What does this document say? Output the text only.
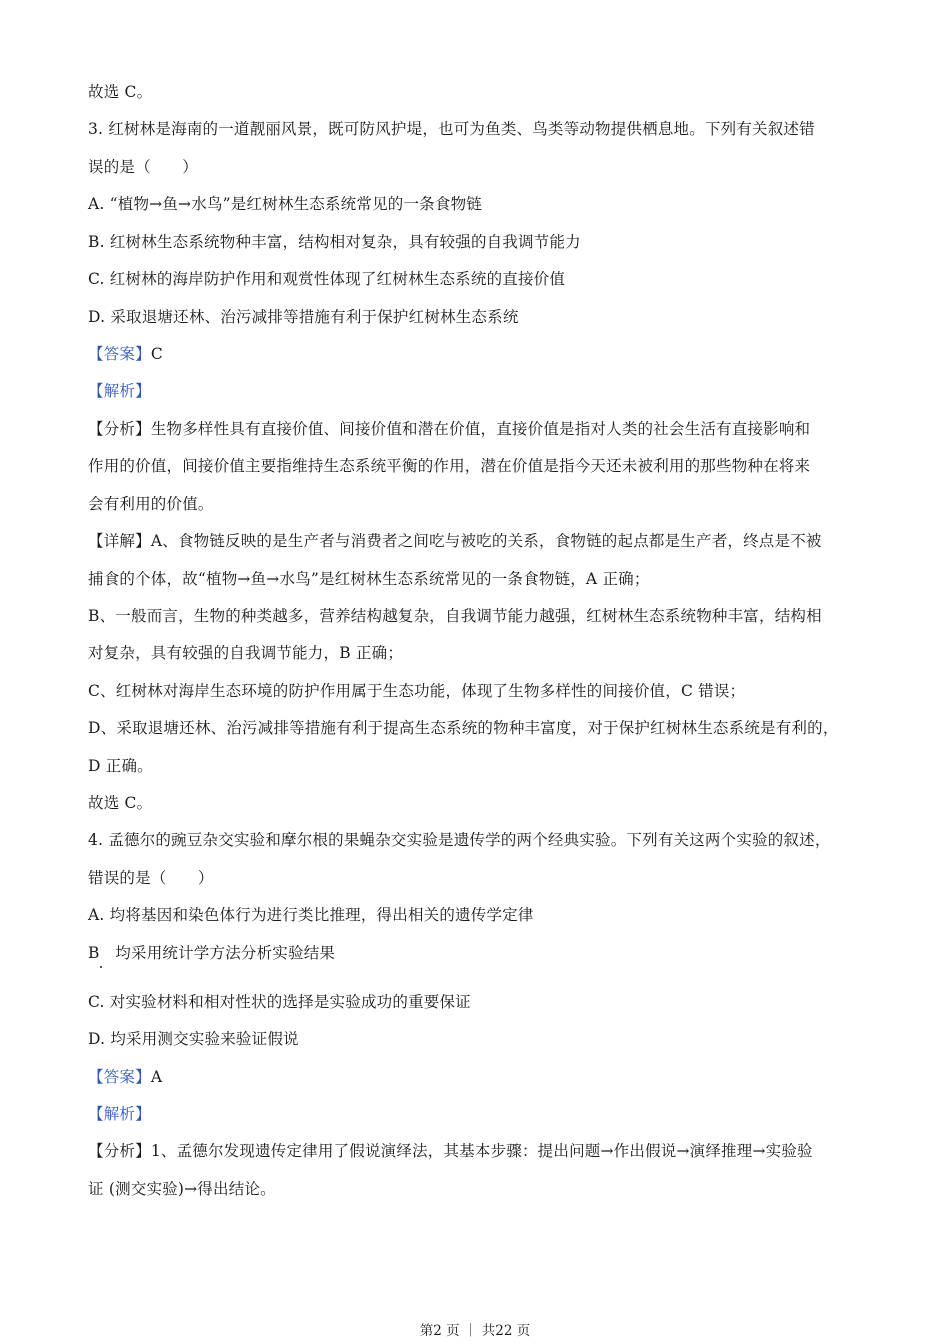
故选 C。
3. 红树林是海南的一道靓丽风景，既可防风护堤，也可为鱼类、鸟类等动物提供栖息地。下列有关叙述错
误的是（　　）
A. “植物→鱼→水鸟”是红树林生态系统常见的一条食物链
B. 红树林生态系统物种丰富，结构相对复杂，具有较强的自我调节能力
C. 红树林的海岸防护作用和观赏性体现了红树林生态系统的直接价值
D. 采取退塘还林、治污减排等措施有利于保护红树林生态系统
【答案】C
【解析】
【分析】生物多样性具有直接价值、间接价值和潜在价值，直接价值是指对人类的社会生活有直接影响和
作用的价值，间接价值主要指维持生态系统平衡的作用，潜在价值是指今天还未被利用的那些物种在将来
会有利用的价值。
【详解】A、食物链反映的是生产者与消费者之间吃与被吃的关系，食物链的起点都是生产者，终点是不被
捕食的个体，故“植物→鱼→水鸟”是红树林生态系统常见的一条食物链，A 正确；
B、一般而言，生物的种类越多，营养结构越复杂，自我调节能力越强，红树林生态系统物种丰富，结构相
对复杂，具有较强的自我调节能力，B 正确；
C、红树林对海岸生态环境的防护作用属于生态功能，体现了生物多样性的间接价值，C 错误；
D、采取退塘还林、治污减排等措施有利于提高生态系统的物种丰富度，对于保护红树林生态系统是有利的，
D 正确。
故选 C。
4. 孟德尔的豌豆杂交实验和摩尔根的果蝇杂交实验是遗传学的两个经典实验。下列有关这两个实验的叙述，
错误的是（　　）
A. 均将基因和染色体行为进行类比推理，得出相关的遗传学定律
B　均采用统计学方法分析实验结果
C. 对实验材料和相对性状的选择是实验成功的重要保证
D. 均采用测交实验来验证假说
【答案】A
【解析】
【分析】1、孟德尔发现遗传定律用了假说演绎法，其基本步骤：提出问题→作出假说→演绎推理→实验验
证 (测交实验)→得出结论。
第2 页 ｜ 共22 页
